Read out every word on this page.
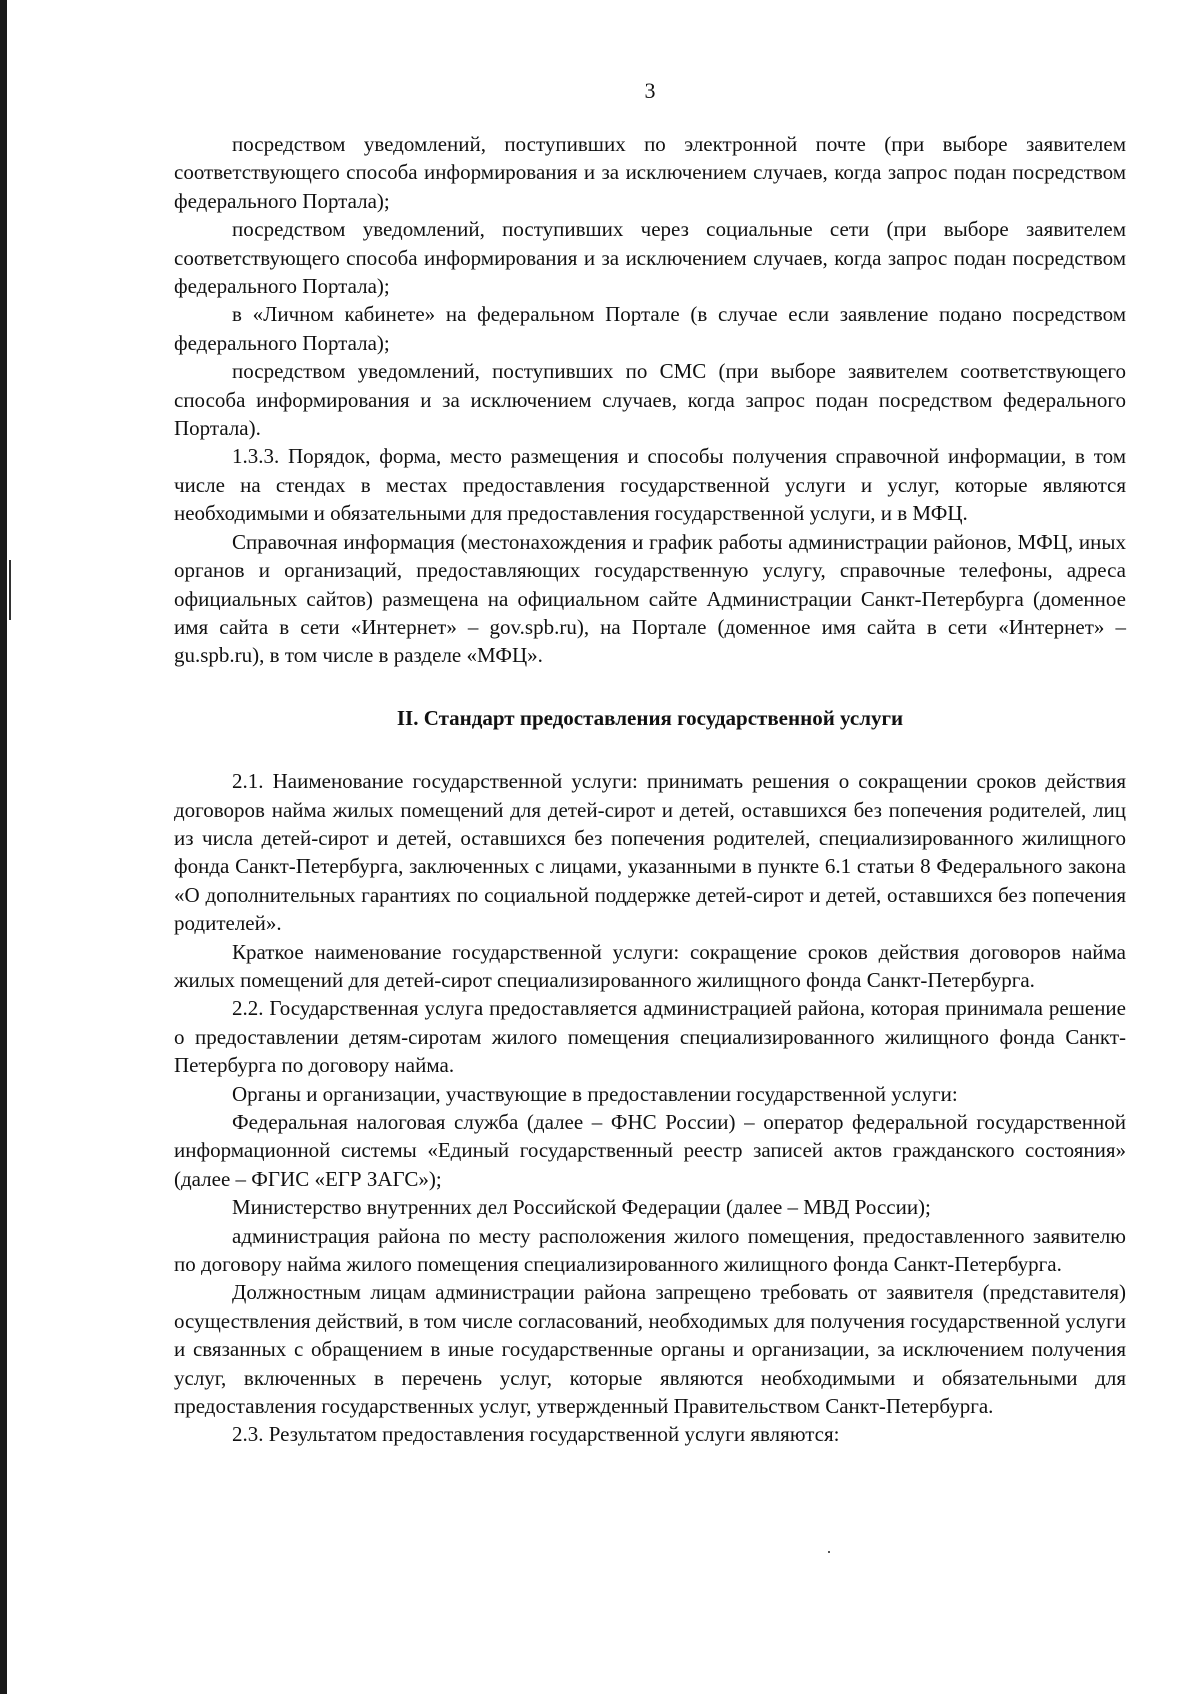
3

посредством уведомлений, поступивших по электронной почте (при выборе заявителем соответствующего способа информирования и за исключением случаев, когда запрос подан посредством федерального Портала);

посредством уведомлений, поступивших через социальные сети (при выборе заявителем соответствующего способа информирования и за исключением случаев, когда запрос подан посредством федерального Портала);

в «Личном кабинете» на федеральном Портале (в случае если заявление подано посредством федерального Портала);

посредством уведомлений, поступивших по СМС (при выборе заявителем соответствующего способа информирования и за исключением случаев, когда запрос подан посредством федерального Портала).

1.3.3. Порядок, форма, место размещения и способы получения справочной информации, в том числе на стендах в местах предоставления государственной услуги и услуг, которые являются необходимыми и обязательными для предоставления государственной услуги, и в МФЦ.

Справочная информация (местонахождения и график работы администрации районов, МФЦ, иных органов и организаций, предоставляющих государственную услугу, справочные телефоны, адреса официальных сайтов) размещена на официальном сайте Администрации Санкт-Петербурга (доменное имя сайта в сети «Интернет» – gov.spb.ru), на Портале (доменное имя сайта в сети «Интернет» – gu.spb.ru), в том числе в разделе «МФЦ».

II. Стандарт предоставления государственной услуги

2.1. Наименование государственной услуги: принимать решения о сокращении сроков действия договоров найма жилых помещений для детей-сирот и детей, оставшихся без попечения родителей, лиц из числа детей-сирот и детей, оставшихся без попечения родителей, специализированного жилищного фонда Санкт-Петербурга, заключенных с лицами, указанными в пункте 6.1 статьи 8 Федерального закона «О дополнительных гарантиях по социальной поддержке детей-сирот и детей, оставшихся без попечения родителей».

Краткое наименование государственной услуги: сокращение сроков действия договоров найма жилых помещений для детей-сирот специализированного жилищного фонда Санкт-Петербурга.

2.2. Государственная услуга предоставляется администрацией района, которая принимала решение о предоставлении детям-сиротам жилого помещения специализированного жилищного фонда Санкт-Петербурга по договору найма.

Органы и организации, участвующие в предоставлении государственной услуги:

Федеральная налоговая служба (далее – ФНС России) – оператор федеральной государственной информационной системы «Единый государственный реестр записей актов гражданского состояния» (далее – ФГИС «ЕГР ЗАГС»);

Министерство внутренних дел Российской Федерации (далее – МВД России);

администрация района по месту расположения жилого помещения, предоставленного заявителю по договору найма жилого помещения специализированного жилищного фонда Санкт-Петербурга.

Должностным лицам администрации района запрещено требовать от заявителя (представителя) осуществления действий, в том числе согласований, необходимых для получения государственной услуги и связанных с обращением в иные государственные органы и организации, за исключением получения услуг, включенных в перечень услуг, которые являются необходимыми и обязательными для предоставления государственных услуг, утвержденный Правительством Санкт-Петербурга.

2.3. Результатом предоставления государственной услуги являются:
